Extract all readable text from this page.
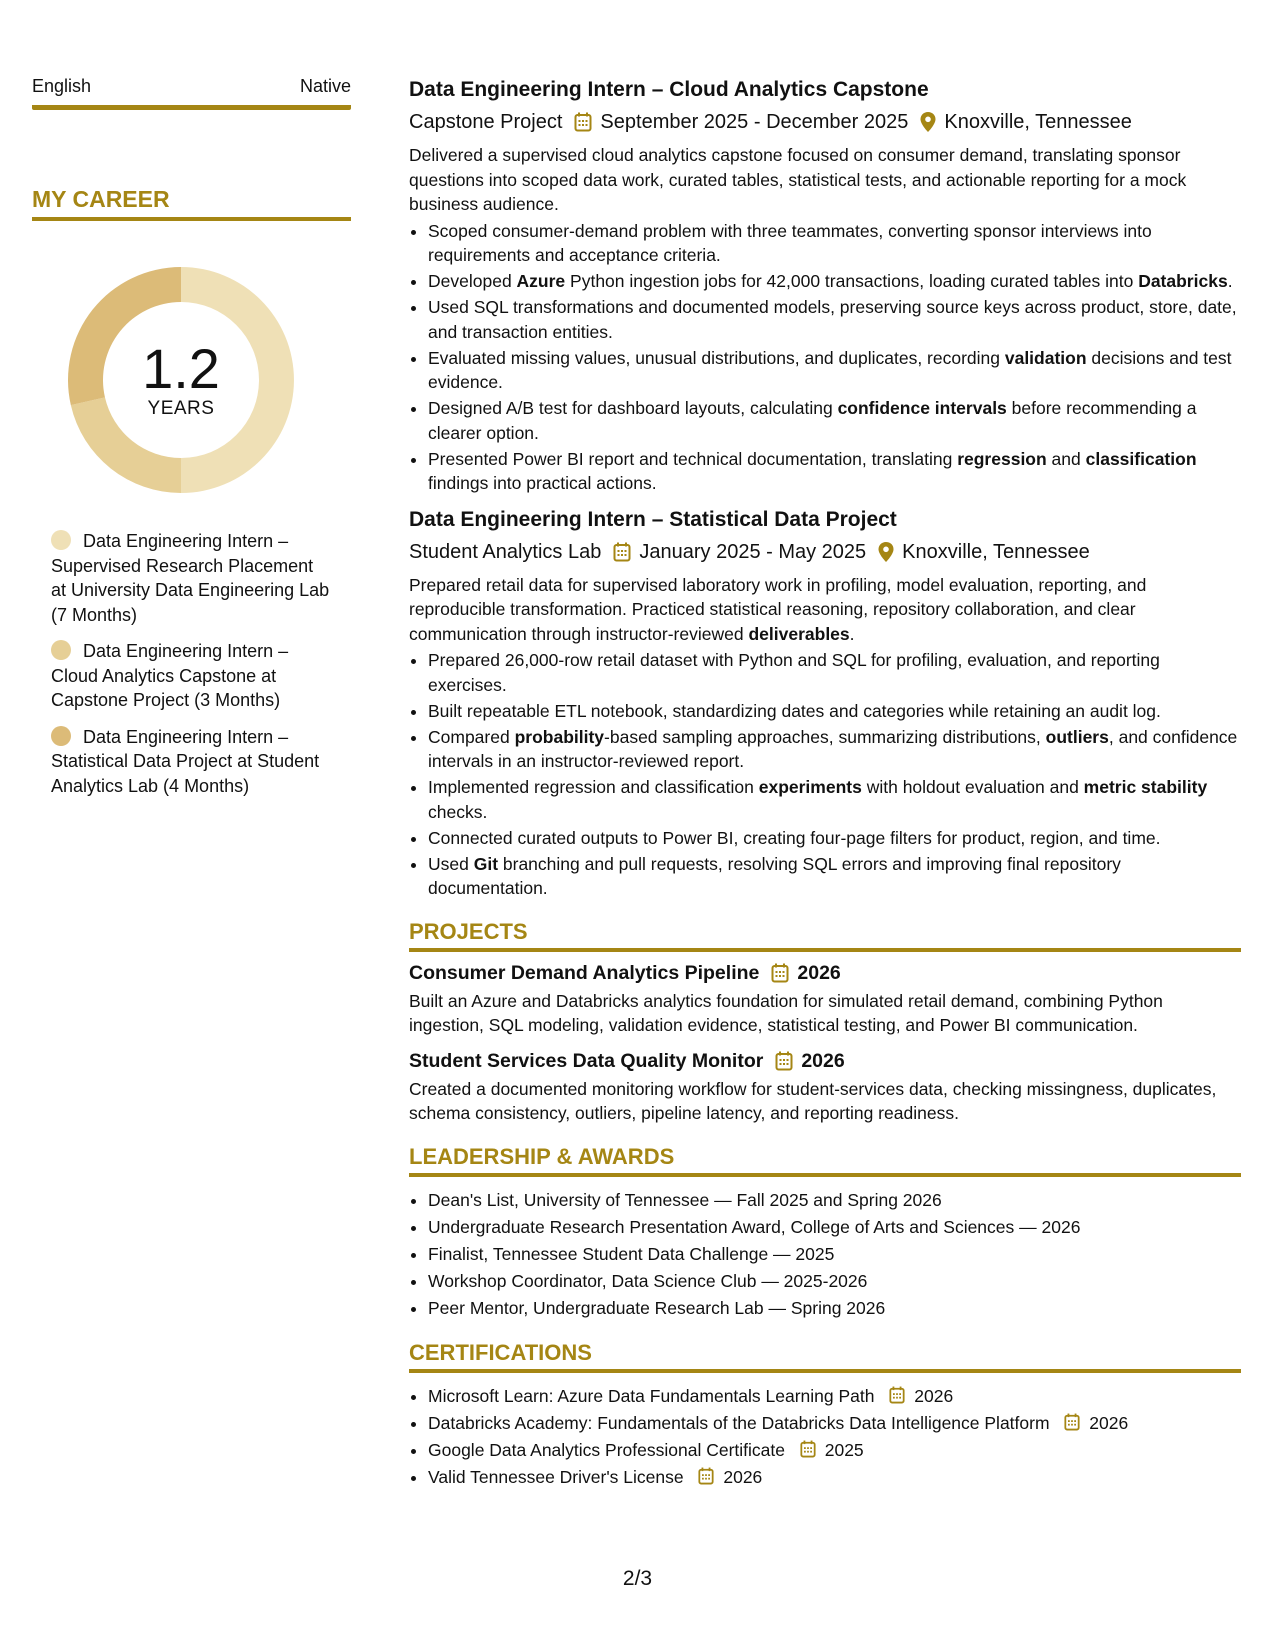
English	Native
MY CAREER
1.2
YEARS
Data Engineering Intern – Supervised Research Placement at University Data Engineering Lab (7 Months)
Data Engineering Intern – Cloud Analytics Capstone at Capstone Project (3 Months)
Data Engineering Intern – Statistical Data Project at Student Analytics Lab (4 Months)
Data Engineering Intern – Cloud Analytics Capstone
Capstone Project September 2025 - December 2025 Knoxville, Tennessee
Delivered a supervised cloud analytics capstone focused on consumer demand, translating sponsor questions into scoped data work, curated tables, statistical tests, and actionable reporting for a mock business audience.
• Scoped consumer-demand problem with three teammates, converting sponsor interviews into requirements and acceptance criteria.
• Developed Azure Python ingestion jobs for 42,000 transactions, loading curated tables into Databricks.
• Used SQL transformations and documented models, preserving source keys across product, store, date, and transaction entities.
• Evaluated missing values, unusual distributions, and duplicates, recording validation decisions and test evidence.
• Designed A/B test for dashboard layouts, calculating confidence intervals before recommending a clearer option.
• Presented Power BI report and technical documentation, translating regression and classification findings into practical actions.
Data Engineering Intern – Statistical Data Project
Student Analytics Lab January 2025 - May 2025 Knoxville, Tennessee
Prepared retail data for supervised laboratory work in profiling, model evaluation, reporting, and reproducible transformation. Practiced statistical reasoning, repository collaboration, and clear communication through instructor-reviewed deliverables.
• Prepared 26,000-row retail dataset with Python and SQL for profiling, evaluation, and reporting exercises.
• Built repeatable ETL notebook, standardizing dates and categories while retaining an audit log.
• Compared probability-based sampling approaches, summarizing distributions, outliers, and confidence intervals in an instructor-reviewed report.
• Implemented regression and classification experiments with holdout evaluation and metric stability checks.
• Connected curated outputs to Power BI, creating four-page filters for product, region, and time.
• Used Git branching and pull requests, resolving SQL errors and improving final repository documentation.
PROJECTS
Consumer Demand Analytics Pipeline 2026
Built an Azure and Databricks analytics foundation for simulated retail demand, combining Python ingestion, SQL modeling, validation evidence, statistical testing, and Power BI communication.
Student Services Data Quality Monitor 2026
Created a documented monitoring workflow for student-services data, checking missingness, duplicates, schema consistency, outliers, pipeline latency, and reporting readiness.
LEADERSHIP & AWARDS
• Dean's List, University of Tennessee — Fall 2025 and Spring 2026
• Undergraduate Research Presentation Award, College of Arts and Sciences — 2026
• Finalist, Tennessee Student Data Challenge — 2025
• Workshop Coordinator, Data Science Club — 2025-2026
• Peer Mentor, Undergraduate Research Lab — Spring 2026
CERTIFICATIONS
• Microsoft Learn: Azure Data Fundamentals Learning Path 2026
• Databricks Academy: Fundamentals of the Databricks Data Intelligence Platform 2026
• Google Data Analytics Professional Certificate 2025
• Valid Tennessee Driver's License 2026
2/3
